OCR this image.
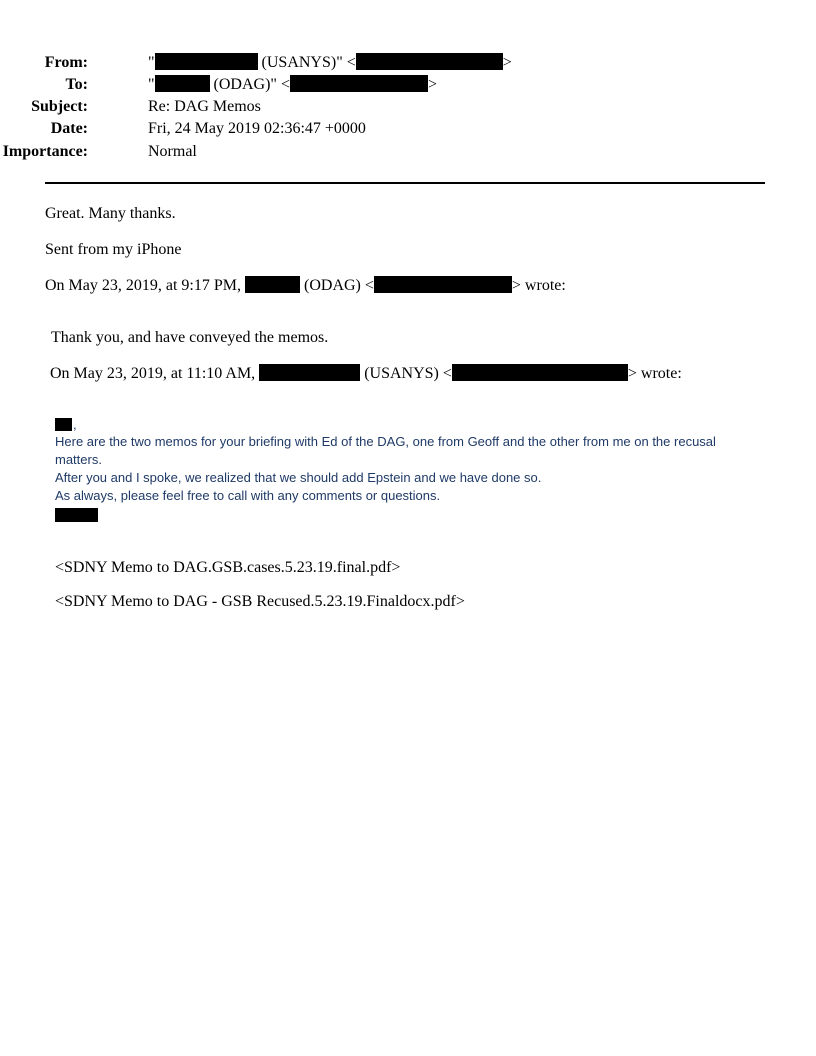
From:	"	(USANYS)" <	>
To:	"	(ODAG)" <	>
Subject:	Re: DAG Memos
Date:	Fri, 24 May 2019 02:36:47 +0000
Importance:	Normal
Great. Many thanks.
Sent from my iPhone
On May 23, 2019, at 9:17 PM,	(ODAG) <	> wrote:
Thank you, and have conveyed the memos.
On May 23, 2019, at 11:10 AM,	(USANYS) <	> wrote:
,
Here are the two memos for your briefing with Ed of the DAG, one from Geoff and the other from me on the recusal matters.
After you and I spoke, we realized that we should add Epstein and we have done so.
As always, please feel free to call with any comments or questions.
<SDNY Memo to DAG.GSB.cases.5.23.19.final.pdf>
<SDNY Memo to DAG - GSB Recused.5.23.19.Finaldocx.pdf>
